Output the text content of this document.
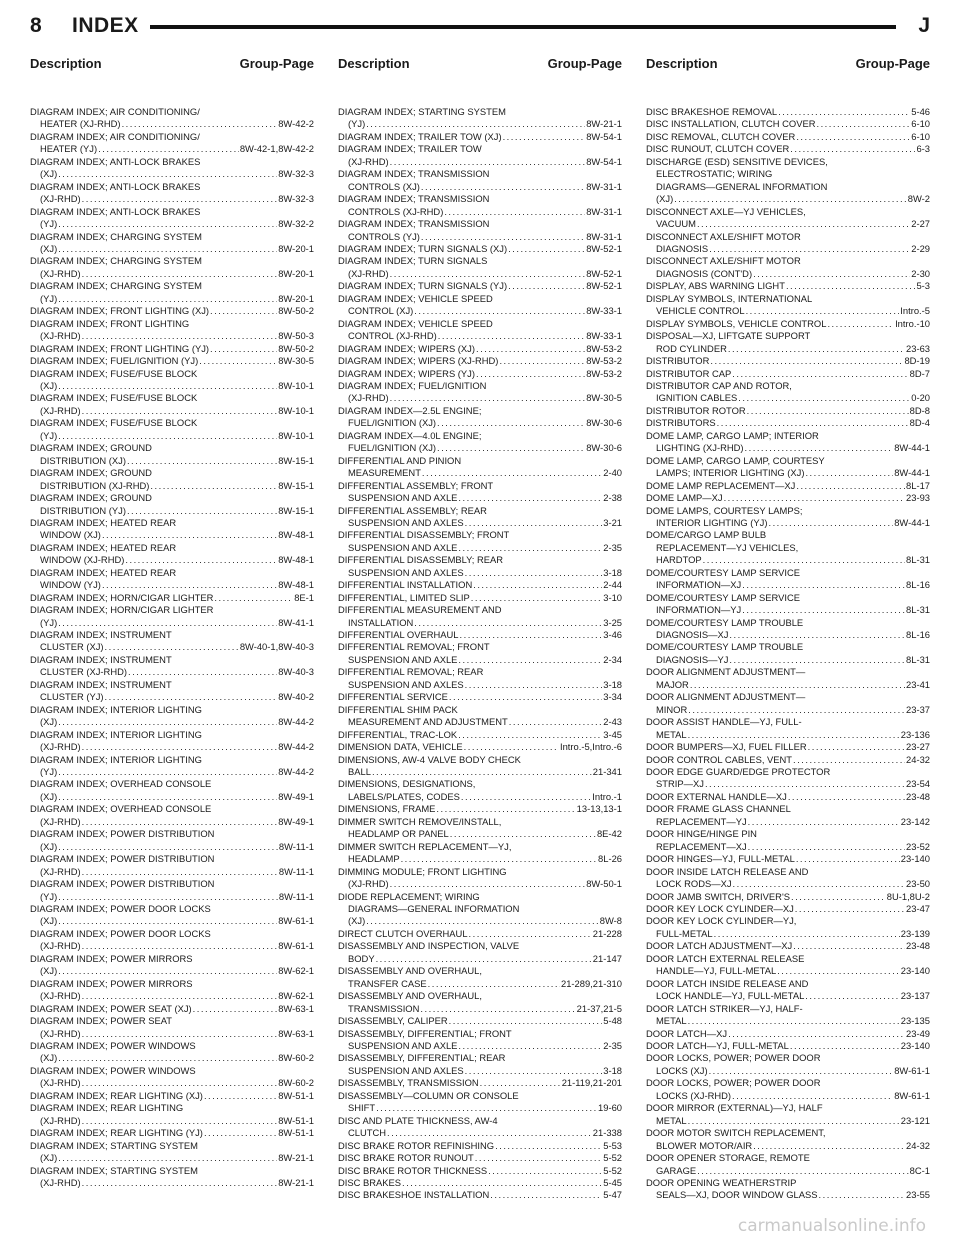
8 INDEX	J
Description	Group-Page Description	Group-Page Description	Group-Page
DIAGRAM INDEX; AIR CONDITIONING/
HEATER (XJ-RHD) .....	8W-42-2
DIAGRAM INDEX; AIR CONDITIONING/
HEATER (YJ) .....	8W-42-1,8W-42-2
DIAGRAM INDEX; ANTI-LOCK BRAKES
(XJ) .....	8W-32-3
DIAGRAM INDEX; ANTI-LOCK BRAKES
(XJ-RHD) .....	8W-32-3
DIAGRAM INDEX; ANTI-LOCK BRAKES
(YJ) .....	8W-32-2
DIAGRAM INDEX; CHARGING SYSTEM
(XJ) .....	8W-20-1
DIAGRAM INDEX; CHARGING SYSTEM
(XJ-RHD) .....	8W-20-1
DIAGRAM INDEX; CHARGING SYSTEM
(YJ) .....	8W-20-1
DIAGRAM INDEX; FRONT LIGHTING (XJ) .....	8W-50-2
DIAGRAM INDEX; FRONT LIGHTING
(XJ-RHD) .....	8W-50-3
DIAGRAM INDEX; FRONT LIGHTING (YJ) .....	8W-50-2
DIAGRAM INDEX; FUEL/IGNITION (YJ) .....	8W-30-5
DIAGRAM INDEX; FUSE/FUSE BLOCK
(XJ) .....	8W-10-1
DIAGRAM INDEX; FUSE/FUSE BLOCK
(XJ-RHD) .....	8W-10-1
DIAGRAM INDEX; FUSE/FUSE BLOCK
(YJ) .....	8W-10-1
DIAGRAM INDEX; GROUND
DISTRIBUTION (XJ) .....	8W-15-1
DIAGRAM INDEX; GROUND
DISTRIBUTION (XJ-RHD) .....	8W-15-1
DIAGRAM INDEX; GROUND
DISTRIBUTION (YJ) .....	8W-15-1
DIAGRAM INDEX; HEATED REAR
WINDOW (XJ) .....	8W-48-1
DIAGRAM INDEX; HEATED REAR
WINDOW (XJ-RHD) .....	8W-48-1
DIAGRAM INDEX; HEATED REAR
WINDOW (YJ) .....	8W-48-1
DIAGRAM INDEX; HORN/CIGAR LIGHTER .....	8E-1
DIAGRAM INDEX; HORN/CIGAR LIGHTER
(YJ) .....	8W-41-1
DIAGRAM INDEX; INSTRUMENT
CLUSTER (XJ) .....	8W-40-1,8W-40-3
DIAGRAM INDEX; INSTRUMENT
CLUSTER (XJ-RHD) .....	8W-40-3
DIAGRAM INDEX; INSTRUMENT
CLUSTER (YJ) .....	8W-40-2
DIAGRAM INDEX; INTERIOR LIGHTING
(XJ) .....	8W-44-2
DIAGRAM INDEX; INTERIOR LIGHTING
(XJ-RHD) .....	8W-44-2
DIAGRAM INDEX; INTERIOR LIGHTING
(YJ) .....	8W-44-2
DIAGRAM INDEX; OVERHEAD CONSOLE
(XJ) .....	8W-49-1
DIAGRAM INDEX; OVERHEAD CONSOLE
(XJ-RHD) .....	8W-49-1
DIAGRAM INDEX; POWER DISTRIBUTION
(XJ) .....	8W-11-1
DIAGRAM INDEX; POWER DISTRIBUTION
(XJ-RHD) .....	8W-11-1
DIAGRAM INDEX; POWER DISTRIBUTION
(YJ) .....	8W-11-1
DIAGRAM INDEX; POWER DOOR LOCKS
(XJ) .....	8W-61-1
DIAGRAM INDEX; POWER DOOR LOCKS
(XJ-RHD) .....	8W-61-1
DIAGRAM INDEX; POWER MIRRORS
(XJ) .....	8W-62-1
DIAGRAM INDEX; POWER MIRRORS
(XJ-RHD) .....	8W-62-1
DIAGRAM INDEX; POWER SEAT (XJ) .....	8W-63-1
DIAGRAM INDEX; POWER SEAT
(XJ-RHD) .....	8W-63-1
DIAGRAM INDEX; POWER WINDOWS
(XJ) .....	8W-60-2
DIAGRAM INDEX; POWER WINDOWS
(XJ-RHD) .....	8W-60-2
DIAGRAM INDEX; REAR LIGHTING (XJ) .....	8W-51-1
DIAGRAM INDEX; REAR LIGHTING
(XJ-RHD) .....	8W-51-1
DIAGRAM INDEX; REAR LIGHTING (YJ) .....	8W-51-1
DIAGRAM INDEX; STARTING SYSTEM
(XJ) .....	8W-21-1
DIAGRAM INDEX; STARTING SYSTEM
(XJ-RHD) .....	8W-21-1
DIAGRAM INDEX; STARTING SYSTEM
(YJ) .....	8W-21-1
DIAGRAM INDEX; TRAILER TOW (XJ) .....	8W-54-1
DIAGRAM INDEX; TRAILER TOW
(XJ-RHD) .....	8W-54-1
DIAGRAM INDEX; TRANSMISSION
CONTROLS (XJ) .....	8W-31-1
DIAGRAM INDEX; TRANSMISSION
CONTROLS (XJ-RHD) .....	8W-31-1
DIAGRAM INDEX; TRANSMISSION
CONTROLS (YJ) .....	8W-31-1
DIAGRAM INDEX; TURN SIGNALS (XJ) .....	8W-52-1
DIAGRAM INDEX; TURN SIGNALS
(XJ-RHD) .....	8W-52-1
DIAGRAM INDEX; TURN SIGNALS (YJ) .....	8W-52-1
DIAGRAM INDEX; VEHICLE SPEED
CONTROL (XJ) .....	8W-33-1
DIAGRAM INDEX; VEHICLE SPEED
CONTROL (XJ-RHD) .....	8W-33-1
DIAGRAM INDEX; WIPERS (XJ) .....	8W-53-2
DIAGRAM INDEX; WIPERS (XJ-RHD) .....	8W-53-2
DIAGRAM INDEX; WIPERS (YJ) .....	8W-53-2
DIAGRAM INDEX; FUEL/IGNITION
(XJ-RHD) .....	8W-30-5
DIAGRAM INDEX—2.5L ENGINE;
FUEL/IGNITION (XJ) .....	8W-30-6
DIAGRAM INDEX—4.0L ENGINE;
FUEL/IGNITION (XJ) .....	8W-30-6
DIFFERENTIAL AND PINION
MEASUREMENT .....	2-40
DIFFERENTIAL ASSEMBLY; FRONT
SUSPENSION AND AXLE .....	2-38
DIFFERENTIAL ASSEMBLY; REAR
SUSPENSION AND AXLES .....	3-21
DIFFERENTIAL DISASSEMBLY; FRONT
SUSPENSION AND AXLE .....	2-35
DIFFERENTIAL DISASSEMBLY; REAR
SUSPENSION AND AXLES .....	3-18
DIFFERENTIAL INSTALLATION .....	2-44
DIFFERENTIAL, LIMITED SLIP .....	3-10
DIFFERENTIAL MEASUREMENT AND
INSTALLATION .....	3-25
DIFFERENTIAL OVERHAUL .....	3-46
DIFFERENTIAL REMOVAL; FRONT
SUSPENSION AND AXLE .....	2-34
DIFFERENTIAL REMOVAL; REAR
SUSPENSION AND AXLES .....	3-18
DIFFERENTIAL SERVICE .....	3-34
DIFFERENTIAL SHIM PACK
MEASUREMENT AND ADJUSTMENT .....	2-43
DIFFERENTIAL, TRAC-LOK .....	3-45
DIMENSION DATA, VEHICLE .....	Intro.-5,Intro.-6
DIMENSIONS, AW-4 VALVE BODY CHECK
BALL .....	21-341
DIMENSIONS, DESIGNATIONS,
LABELS/PLATES, CODES .....	Intro.-1
DIMENSIONS, FRAME .....	13-13,13-1
DIMMER SWITCH REMOVE/INSTALL,
HEADLAMP OR PANEL .....	8E-42
DIMMER SWITCH REPLACEMENT—YJ,
HEADLAMP .....	8L-26
DIMMING MODULE; FRONT LIGHTING
(XJ-RHD) .....	8W-50-1
DIODE REPLACEMENT; WIRING
DIAGRAMS—GENERAL INFORMATION
(XJ) .....	8W-8
DIRECT CLUTCH OVERHAUL .....	21-228
DISASSEMBLY AND INSPECTION, VALVE
BODY .....	21-147
DISASSEMBLY AND OVERHAUL,
TRANSFER CASE .....	21-289,21-310
DISASSEMBLY AND OVERHAUL,
TRANSMISSION .....	21-37,21-5
DISASSEMBLY, CALIPER .....	5-48
DISASSEMBLY, DIFFERENTIAL; FRONT
SUSPENSION AND AXLE .....	2-35
DISASSEMBLY, DIFFERENTIAL; REAR
SUSPENSION AND AXLES .....	3-18
DISASSEMBLY, TRANSMISSION .....	21-119,21-201
DISASSEMBLY—COLUMN OR CONSOLE
SHIFT .....	19-60
DISC AND PLATE THICKNESS, AW-4
CLUTCH .....	21-338
DISC BRAKE ROTOR REFINISHING .....	5-53
DISC BRAKE ROTOR RUNOUT .....	5-52
DISC BRAKE ROTOR THICKNESS .....	5-52
DISC BRAKES .....	5-45
DISC BRAKESHOE INSTALLATION .....	5-47
DISC BRAKESHOE REMOVAL .....	5-46
DISC INSTALLATION, CLUTCH COVER .....	6-10
DISC REMOVAL, CLUTCH COVER .....	6-10
DISC RUNOUT, CLUTCH COVER .....	6-3
DISCHARGE (ESD) SENSITIVE DEVICES,
ELECTROSTATIC; WIRING
DIAGRAMS—GENERAL INFORMATION
(XJ) .....	8W-2
DISCONNECT AXLE—YJ VEHICLES,
VACUUM .....	2-27
DISCONNECT AXLE/SHIFT MOTOR
DIAGNOSIS .....	2-29
DISCONNECT AXLE/SHIFT MOTOR
DIAGNOSIS (CONT'D) .....	2-30
DISPLAY, ABS WARNING LIGHT .....	5-3
DISPLAY SYMBOLS, INTERNATIONAL
VEHICLE CONTROL .....	Intro.-5
DISPLAY SYMBOLS, VEHICLE CONTROL .....	Intro.-10
DISPOSAL—XJ, LIFTGATE SUPPORT
ROD CYLINDER .....	23-63
DISTRIBUTOR .....	8D-19
DISTRIBUTOR CAP .....	8D-7
DISTRIBUTOR CAP AND ROTOR,
IGNITION CABLES .....	0-20
DISTRIBUTOR ROTOR .....	8D-8
DISTRIBUTORS .....	8D-4
DOME LAMP, CARGO LAMP; INTERIOR
LIGHTING (XJ-RHD) .....	8W-44-1
DOME LAMP, CARGO LAMP, COURTESY
LAMPS; INTERIOR LIGHTING (XJ) .....	8W-44-1
DOME LAMP REPLACEMENT—XJ .....	8L-17
DOME LAMP—XJ .....	23-93
DOME LAMPS, COURTESY LAMPS;
INTERIOR LIGHTING (YJ) .....	8W-44-1
DOME/CARGO LAMP BULB
REPLACEMENT—YJ VEHICLES,
HARDTOP .....	8L-31
DOME/COURTESY LAMP SERVICE
INFORMATION—XJ .....	8L-16
DOME/COURTESY LAMP SERVICE
INFORMATION—YJ .....	8L-31
DOME/COURTESY LAMP TROUBLE
DIAGNOSIS—XJ .....	8L-16
DOME/COURTESY LAMP TROUBLE
DIAGNOSIS—YJ .....	8L-31
DOOR ALIGNMENT ADJUSTMENT—
MAJOR .....	23-41
DOOR ALIGNMENT ADJUSTMENT—
MINOR .....	23-37
DOOR ASSIST HANDLE—YJ, FULL-
METAL .....	23-136
DOOR BUMPERS—XJ, FUEL FILLER .....	23-27
DOOR CONTROL CABLES, VENT .....	24-32
DOOR EDGE GUARD/EDGE PROTECTOR
STRIP—XJ .....	23-54
DOOR EXTERNAL HANDLE—XJ .....	23-48
DOOR FRAME GLASS CHANNEL
REPLACEMENT—YJ .....	23-142
DOOR HINGE/HINGE PIN
REPLACEMENT—XJ .....	23-52
DOOR HINGES—YJ, FULL-METAL .....	23-140
DOOR INSIDE LATCH RELEASE AND
LOCK RODS—XJ .....	23-50
DOOR JAMB SWITCH, DRIVER'S .....	8U-1,8U-2
DOOR KEY LOCK CYLINDER—XJ .....	23-47
DOOR KEY LOCK CYLINDER—YJ,
FULL-METAL .....	23-139
DOOR LATCH ADJUSTMENT—XJ .....	23-48
DOOR LATCH EXTERNAL RELEASE
HANDLE—YJ, FULL-METAL .....	23-140
DOOR LATCH INSIDE RELEASE AND
LOCK HANDLE—YJ, FULL-METAL .....	23-137
DOOR LATCH STRIKER—YJ, HALF-
METAL .....	23-135
DOOR LATCH—XJ .....	23-49
DOOR LATCH—YJ, FULL-METAL .....	23-140
DOOR LOCKS, POWER; POWER DOOR
LOCKS (XJ) .....	8W-61-1
DOOR LOCKS, POWER; POWER DOOR
LOCKS (XJ-RHD) .....	8W-61-1
DOOR MIRROR (EXTERNAL)—YJ, HALF
METAL .....	23-121
DOOR MOTOR SWITCH REPLACEMENT,
BLOWER MOTOR/AIR .....	24-32
DOOR OPENER STORAGE, REMOTE
GARAGE .....	8C-1
DOOR OPENING WEATHERSTRIP
SEALS—XJ, DOOR WINDOW GLASS .....	23-55
carmanualsonline.info
